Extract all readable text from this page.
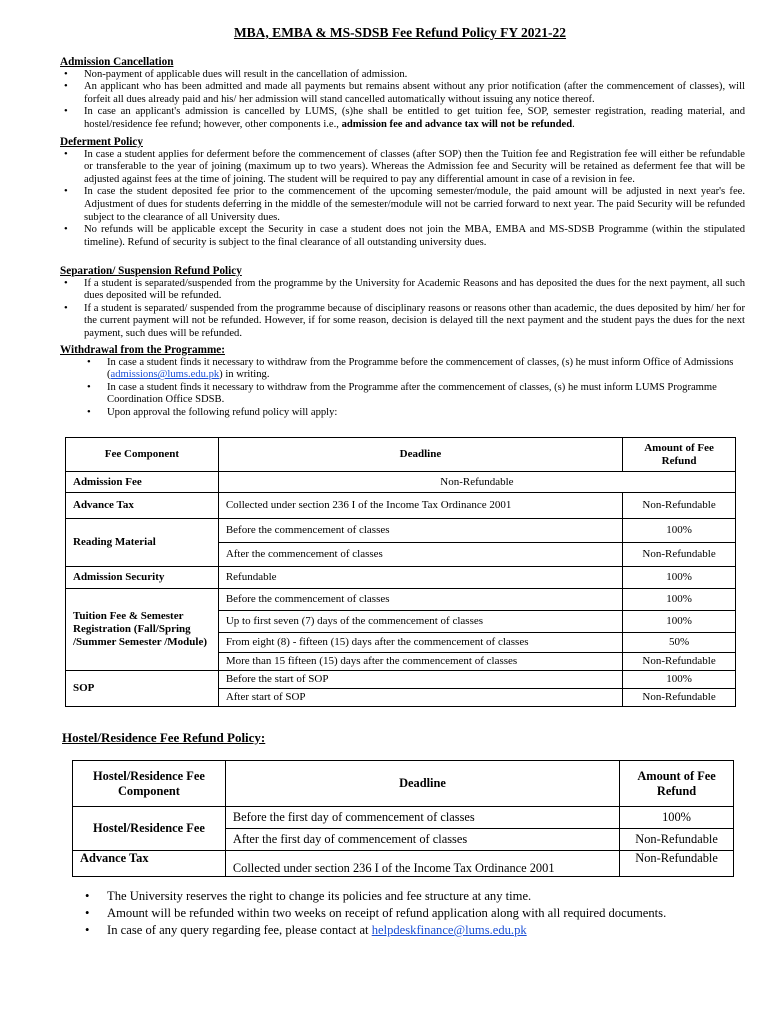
MBA, EMBA & MS-SDSB Fee Refund Policy FY 2021-22
Admission Cancellation
• Non-payment of applicable dues will result in the cancellation of admission.
• An applicant who has been admitted and made all payments but remains absent without any prior notification (after the commencement of classes), will forfeit all dues already paid and his/ her admission will stand cancelled automatically without issuing any notice thereof.
• In case an applicant's admission is cancelled by LUMS, (s)he shall be entitled to get tuition fee, SOP, semester registration, reading material, and hostel/residence fee refund; however, other components i.e., admission fee and advance tax will not be refunded.
Deferment Policy
• In case a student applies for deferment before the commencement of classes (after SOP) then the Tuition fee and Registration fee will either be refundable or transferable to the year of joining (maximum up to two years). Whereas the Admission fee and Security will be retained as deferment fee that will be adjusted against fees at the time of joining. The student will be required to pay any differential amount in case of a revision in fee.
• In case the student deposited fee prior to the commencement of the upcoming semester/module, the paid amount will be adjusted in next year's fee. Adjustment of dues for students deferring in the middle of the semester/module will not be carried forward to next year. The paid Security will be refunded subject to the clearance of all University dues.
• No refunds will be applicable except the Security in case a student does not join the MBA, EMBA and MS-SDSB Programme (within the stipulated timeline). Refund of security is subject to the final clearance of all outstanding university dues.
Separation/ Suspension Refund Policy
• If a student is separated/suspended from the programme by the University for Academic Reasons and has deposited the dues for the next payment, all such dues deposited will be refunded.
• If a student is separated/ suspended from the programme because of disciplinary reasons or reasons other than academic, the dues deposited by him/ her for the current payment will not be refunded. However, if for some reason, decision is delayed till the next payment and the student pays the dues for the next payment, such dues will be refunded.
Withdrawal from the Programme:
• In case a student finds it necessary to withdraw from the Programme before the commencement of classes, (s) he must inform Office of Admissions (admissions@lums.edu.pk) in writing.
• In case a student finds it necessary to withdraw from the Programme after the commencement of classes, (s) he must inform LUMS Programme Coordination Office SDSB.
• Upon approval the following refund policy will apply:
Fee Component	Deadline	Amount of Fee Refund
Admission Fee	Non-Refundable	
Advance Tax	Collected under section 236 I of the Income Tax Ordinance 2001	Non-Refundable
Reading Material	Before the commencement of classes	100%
	After the commencement of classes	Non-Refundable
Admission Security	Refundable	100%
Tuition Fee & Semester Registration (Fall/Spring /Summer Semester /Module)	Before the commencement of classes	100%
	Up to first seven (7) days of the commencement of classes	100%
	From eight (8) - fifteen (15) days after the commencement of classes	50%
	More than 15 fifteen (15) days after the commencement of classes	Non-Refundable
SOP	Before the start of SOP	100%
	After start of SOP	Non-Refundable
Hostel/Residence Fee Refund Policy:
Hostel/Residence Fee Component	Deadline	Amount of Fee Refund
Hostel/Residence Fee	Before the first day of commencement of classes	100%
	After the first day of commencement of classes	Non-Refundable
Advance Tax	Collected under section 236 I of the Income Tax Ordinance 2001	Non-Refundable
• The University reserves the right to change its policies and fee structure at any time.
• Amount will be refunded within two weeks on receipt of refund application along with all required documents.
• In case of any query regarding fee, please contact at helpdeskfinance@lums.edu.pk
